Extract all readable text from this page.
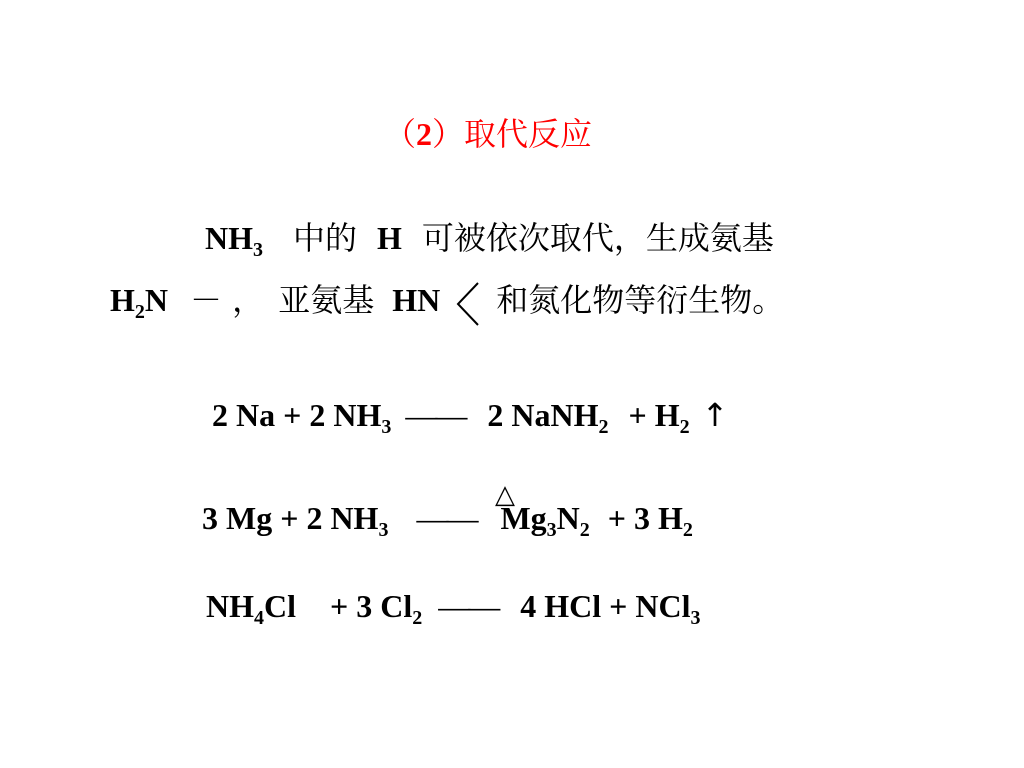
（2）取代反应
$NH_3$ 中的 H 可被依次取代，生成氨基
$H_2N$ － ， 亚氨基 HN 和氮化物等衍生物。
2 Na + 2 $NH_3$ —— 2 NaNH$_2$ + $H_2$ ↑
△
3 Mg + 2 $NH_3$ —— $Mg_3N_2 + 3$ $H_2$
$NH_4Cl + 3$ $Cl_2$ —— 4 HCl + NCl$_3$
